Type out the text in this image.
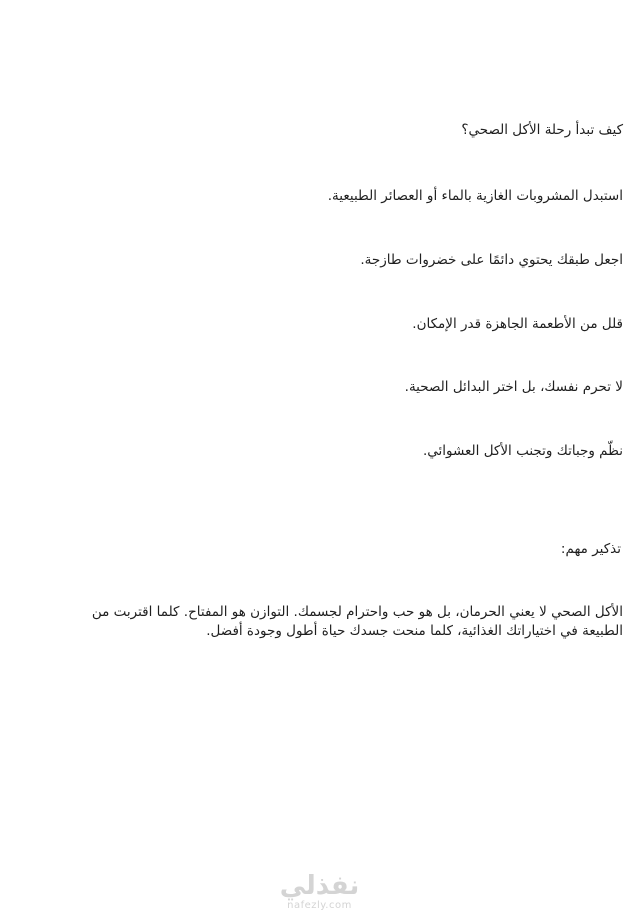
كيف تبدأ رحلة الأكل الصحي؟
استبدل المشروبات الغازية بالماء أو العصائر الطبيعية.
اجعل طبقك يحتوي دائمًا على خضروات طازجة.
قلل من الأطعمة الجاهزة قدر الإمكان.
لا تحرم نفسك، بل اختر البدائل الصحية.
نظّم وجباتك وتجنب الأكل العشوائي.
تذكير مهم:
الأكل الصحي لا يعني الحرمان، بل هو حب واحترام لجسمك. التوازن هو المفتاح. كلما اقتربت من الطبيعة في اختياراتك الغذائية، كلما منحت جسدك حياة أطول وجودة أفضل.
نفذلي
nafezly.com
